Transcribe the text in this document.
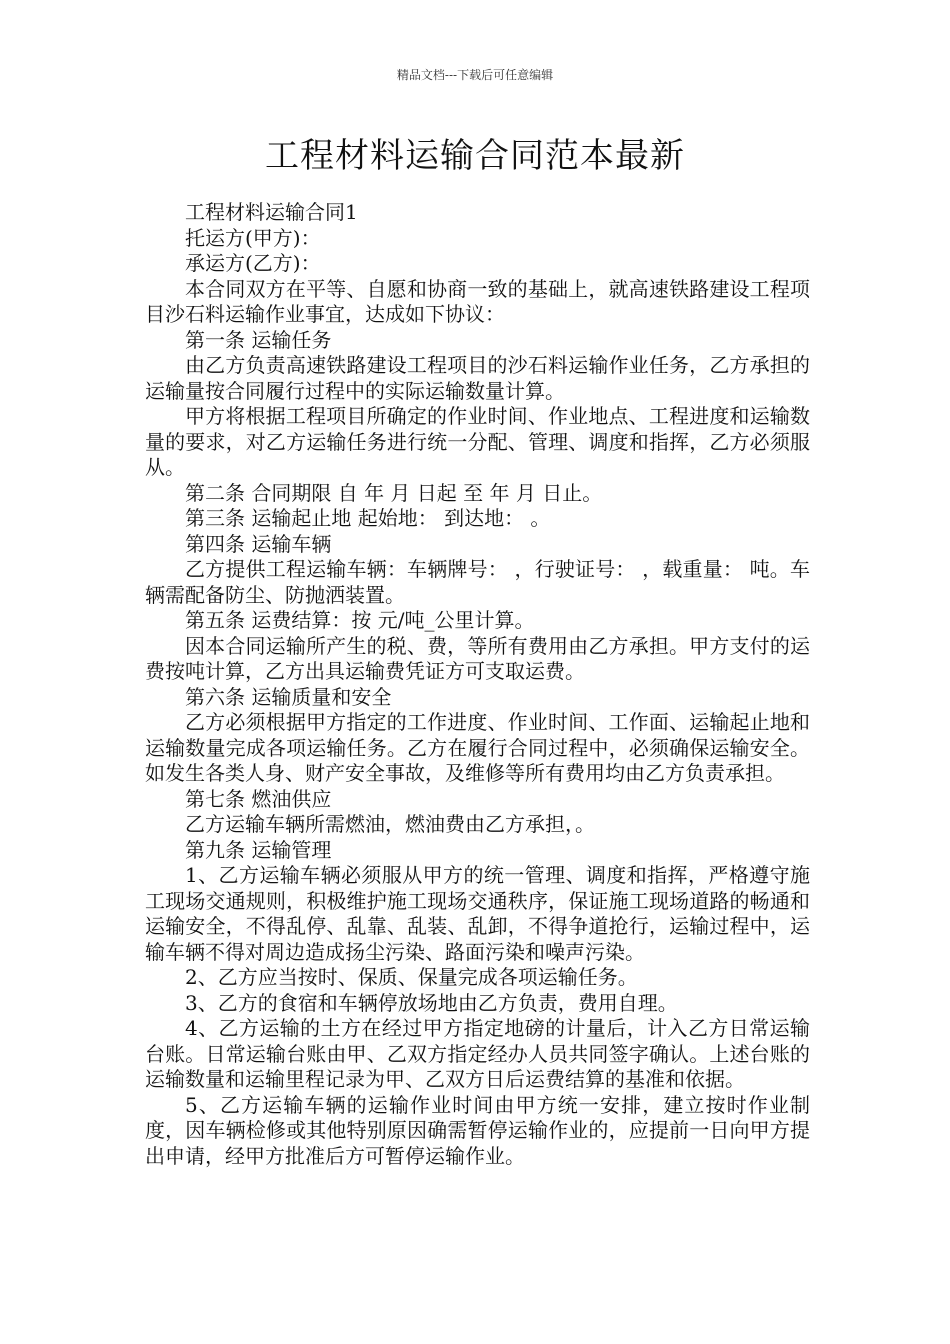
精品文档---下载后可任意编辑
工程材料运输合同范本最新

工程材料运输合同1

托运方(甲方)：

承运方(乙方)：

本合同双方在平等、自愿和协商一致的基础上，就高速铁路建设工程项目沙石料运输作业事宜，达成如下协议：

第一条 运输任务

由乙方负责高速铁路建设工程项目的沙石料运输作业任务，乙方承担的运输量按合同履行过程中的实际运输数量计算。

甲方将根据工程项目所确定的作业时间、作业地点、工程进度和运输数量的要求，对乙方运输任务进行统一分配、管理、调度和指挥，乙方必须服从。

第二条 合同期限 自 年 月 日起 至 年 月 日止。

第三条 运输起止地 起始地： 到达地： 。

第四条 运输车辆

乙方提供工程运输车辆：车辆牌号： ，行驶证号： ，载重量： 吨。车辆需配备防尘、防抛洒装置。

第五条 运费结算：按 元/吨_公里计算。

因本合同运输所产生的税、费，等所有费用由乙方承担。甲方支付的运费按吨计算，乙方出具运输费凭证方可支取运费。

第六条 运输质量和安全

乙方必须根据甲方指定的工作进度、作业时间、工作面、运输起止地和运输数量完成各项运输任务。乙方在履行合同过程中，必须确保运输安全。如发生各类人身、财产安全事故，及维修等所有费用均由乙方负责承担。

第七条 燃油供应

乙方运输车辆所需燃油，燃油费由乙方承担，。

第九条 运输管理

1、乙方运输车辆必须服从甲方的统一管理、调度和指挥，严格遵守施工现场交通规则，积极维护施工现场交通秩序，保证施工现场道路的畅通和运输安全，不得乱停、乱靠、乱装、乱卸，不得争道抢行，运输过程中，运输车辆不得对周边造成扬尘污染、路面污染和噪声污染。

2、乙方应当按时、保质、保量完成各项运输任务。

3、乙方的食宿和车辆停放场地由乙方负责，费用自理。

4、乙方运输的土方在经过甲方指定地磅的计量后，计入乙方日常运输台账。日常运输台账由甲、乙双方指定经办人员共同签字确认。上述台账的运输数量和运输里程记录为甲、乙双方日后运费结算的基准和依据。

5、乙方运输车辆的运输作业时间由甲方统一安排，建立按时作业制度，因车辆检修或其他特别原因确需暂停运输作业的，应提前一日向甲方提出申请，经甲方批准后方可暂停运输作业。
